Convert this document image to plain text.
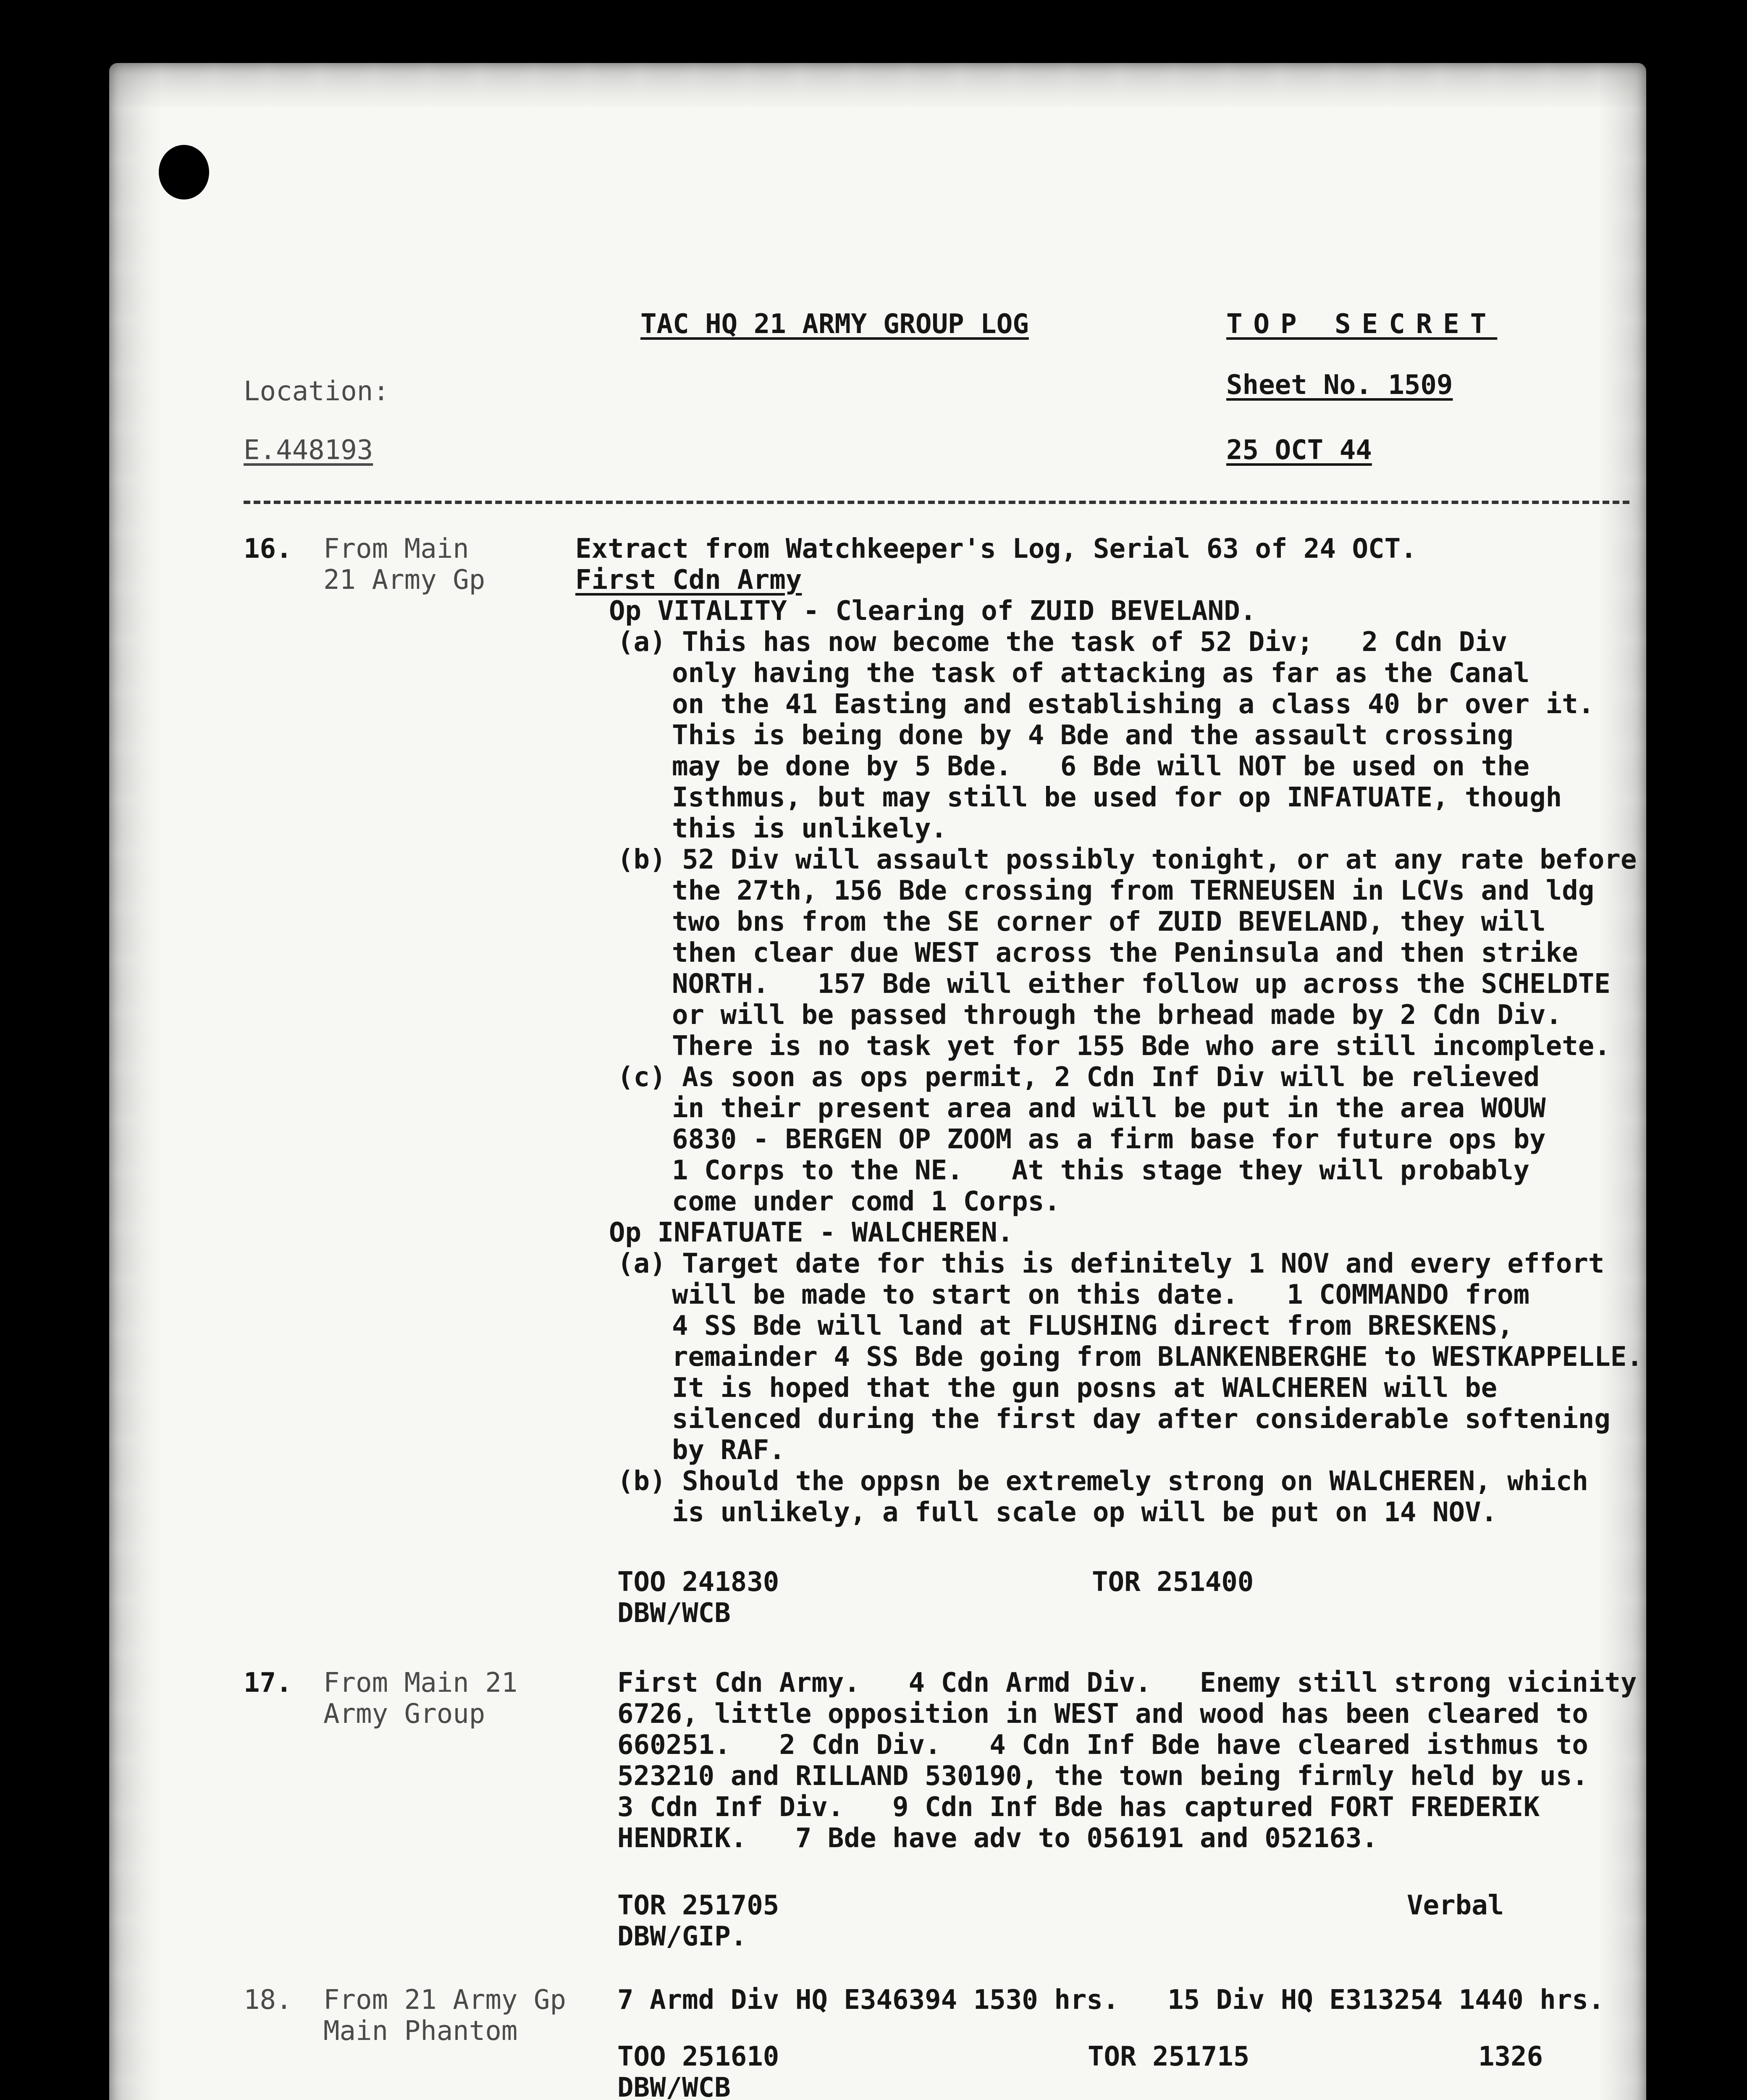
TAC HQ 21 ARMY GROUP LOG	TOP SECRET
Location:	Sheet No. 1509
E.448193	25 OCT 44
16. From Main
21 Army Gp
Extract from Watchkeeper's Log, Serial 63 of 24 OCT.
First Cdn Army
Op VITALITY - Clearing of ZUID BEVELAND.
(a) This has now become the task of 52 Div;   2 Cdn Div
only having the task of attacking as far as the Canal
on the 41 Easting and establishing a class 40 br over it.
This is being done by 4 Bde and the assault crossing
may be done by 5 Bde.   6 Bde will NOT be used on the
Isthmus, but may still be used for op INFATUATE, though
this is unlikely.
(b) 52 Div will assault possibly tonight, or at any rate before
the 27th, 156 Bde crossing from TERNEUSEN in LCVs and ldg
two bns from the SE corner of ZUID BEVELAND, they will
then clear due WEST across the Peninsula and then strike
NORTH.   157 Bde will either follow up across the SCHELDTE
or will be passed through the brhead made by 2 Cdn Div.
There is no task yet for 155 Bde who are still incomplete.
(c) As soon as ops permit, 2 Cdn Inf Div will be relieved
in their present area and will be put in the area WOUW
6830 - BERGEN OP ZOOM as a firm base for future ops by
1 Corps to the NE.   At this stage they will probably
come under comd 1 Corps.
Op INFATUATE - WALCHEREN.
(a) Target date for this is definitely 1 NOV and every effort
will be made to start on this date.   1 COMMANDO from
4 SS Bde will land at FLUSHING direct from BRESKENS,
remainder 4 SS Bde going from BLANKENBERGHE to WESTKAPPELLE.
It is hoped that the gun posns at WALCHEREN will be
silenced during the first day after considerable softening
by RAF.
(b) Should the oppsn be extremely strong on WALCHEREN, which
is unlikely, a full scale op will be put on 14 NOV.
TOO 241830	TOR 251400
DBW/WCB
17. From Main 21
Army Group
First Cdn Army.   4 Cdn Armd Div.   Enemy still strong vicinity
6726, little opposition in WEST and wood has been cleared to
660251.   2 Cdn Div.   4 Cdn Inf Bde have cleared isthmus to
523210 and RILLAND 530190, the town being firmly held by us.
3 Cdn Inf Div.   9 Cdn Inf Bde has captured FORT FREDERIK
HENDRIK.   7 Bde have adv to 056191 and 052163.
TOR 251705	Verbal
DBW/GIP.
18. From 21 Army Gp
Main Phantom
7 Armd Div HQ E346394 1530 hrs.   15 Div HQ E313254 1440 hrs.
TOO 251610	TOR 251715	1326
DBW/WCB
